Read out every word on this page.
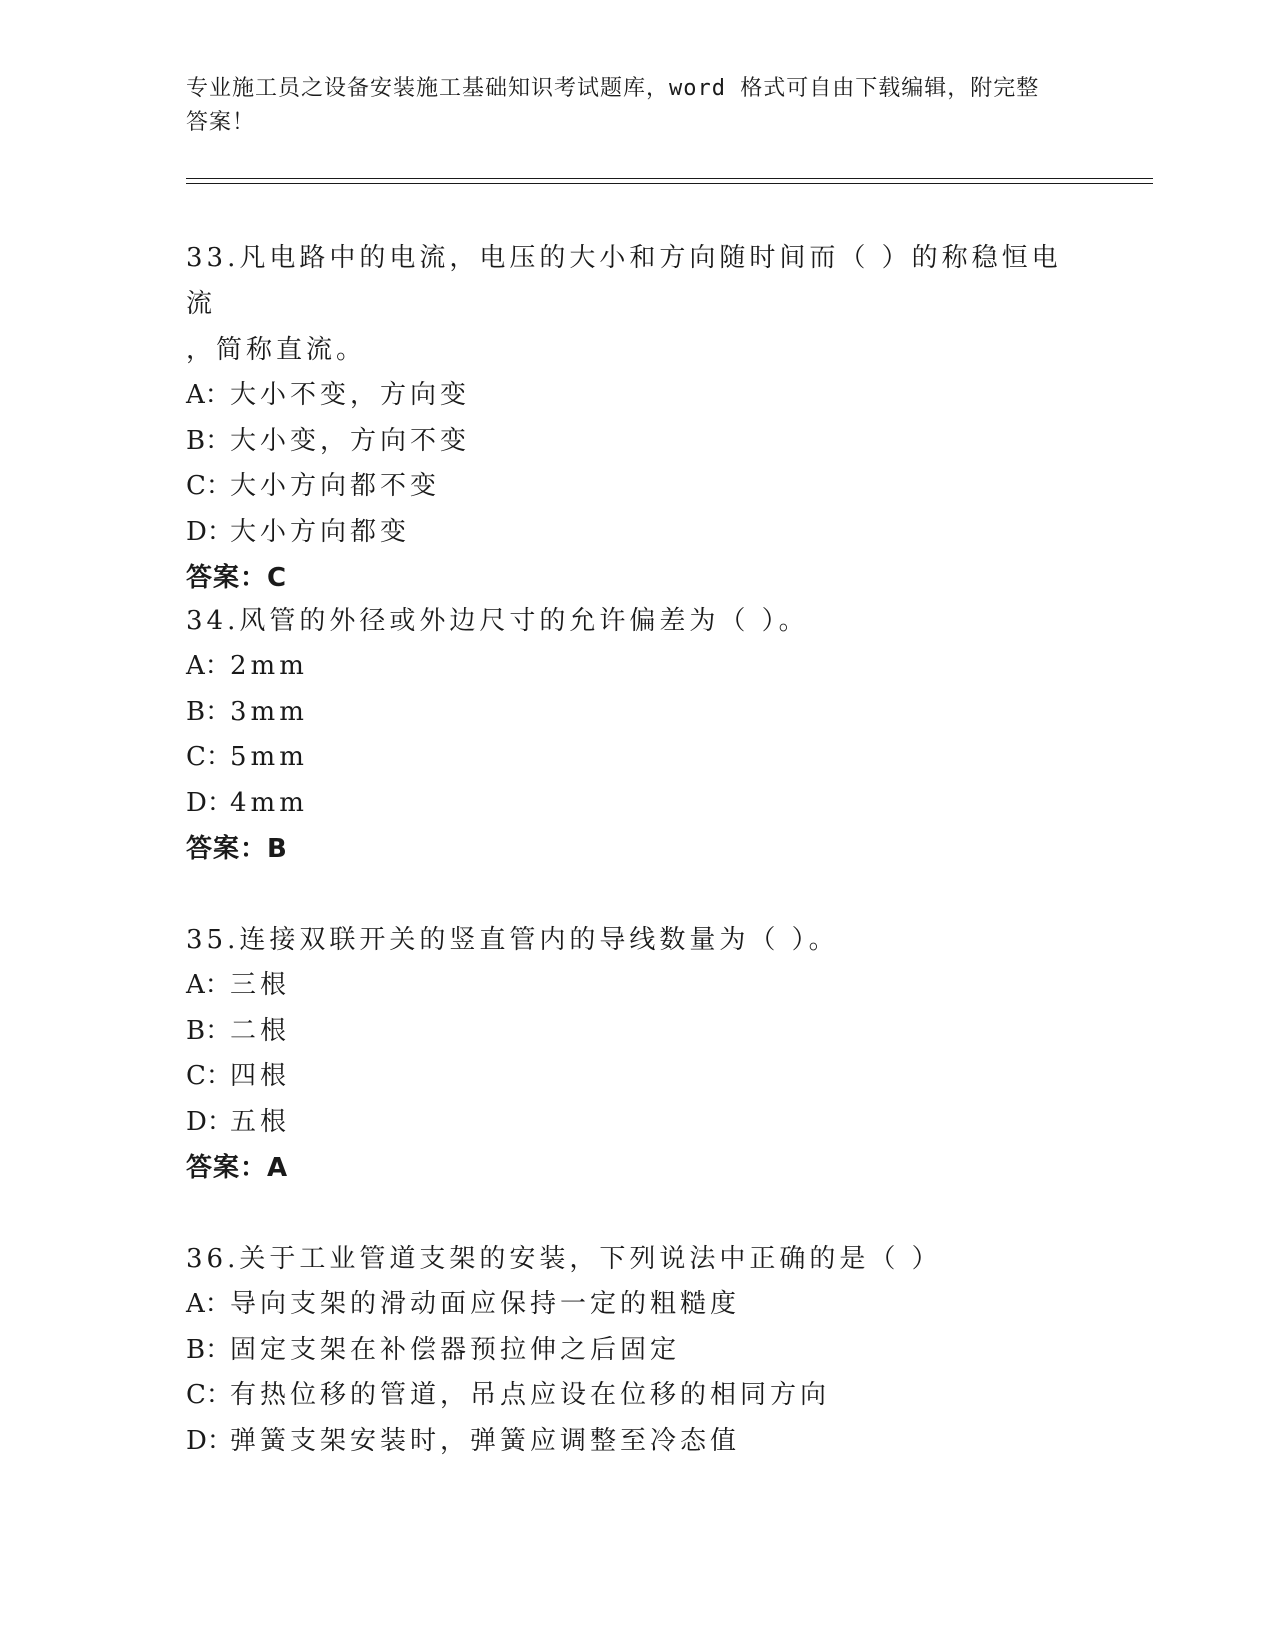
专业施工员之设备安装施工基础知识考试题库，word 格式可自由下载编辑，附完整答案！

33.凡电路中的电流，电压的大小和方向随时间而（ ）的称稳恒电流

，简称直流。

A：大小不变，方向变

B：大小变，方向不变

C：大小方向都不变

D：大小方向都变

答案：C

34.风管的外径或外边尺寸的允许偏差为（ ）。

A：2mm

B：3mm

C：5mm

D：4mm

答案：B

35.连接双联开关的竖直管内的导线数量为（ ）。

A：三根

B：二根

C：四根

D：五根

答案：A

36.关于工业管道支架的安装，下列说法中正确的是（ ）

A：导向支架的滑动面应保持一定的粗糙度

B：固定支架在补偿器预拉伸之后固定

C：有热位移的管道，吊点应设在位移的相同方向

D：弹簧支架安装时，弹簧应调整至冷态值
